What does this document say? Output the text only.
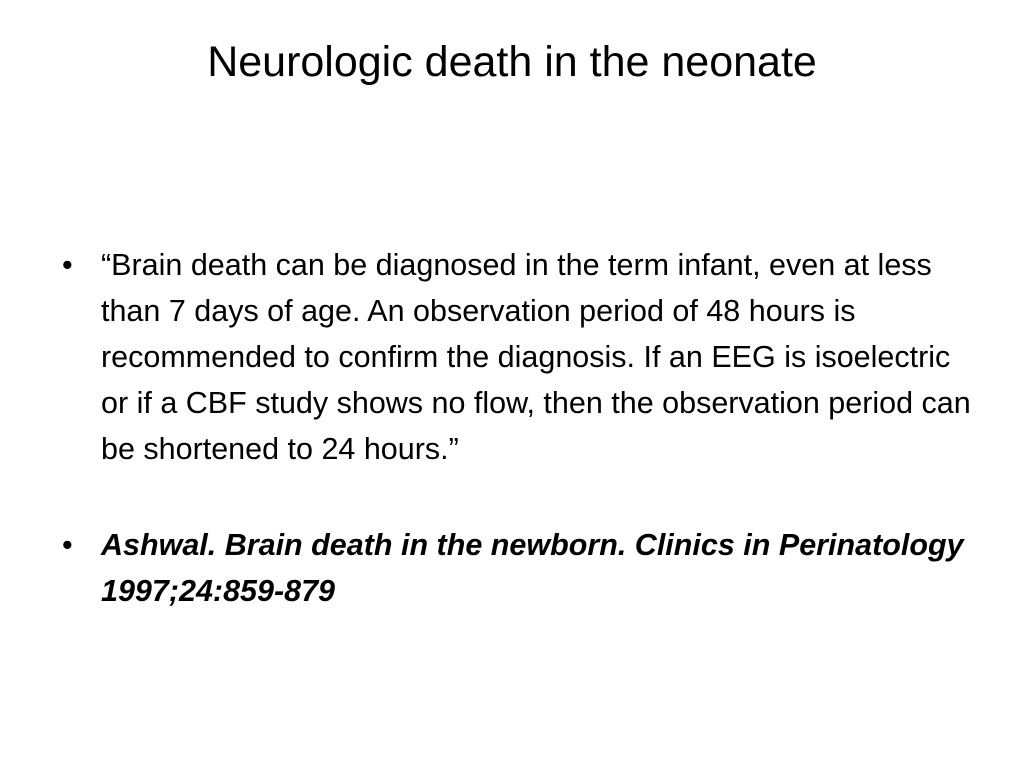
Neurologic death in the neonate
• “Brain death can be diagnosed in the term infant, even at less than 7 days of age. An observation period of 48 hours is recommended to confirm the diagnosis. If an EEG is isoelectric or if a CBF study shows no flow, then the observation period can be shortened to 24 hours.”
• Ashwal. Brain death in the newborn. Clinics in Perinatology 1997;24:859-879
